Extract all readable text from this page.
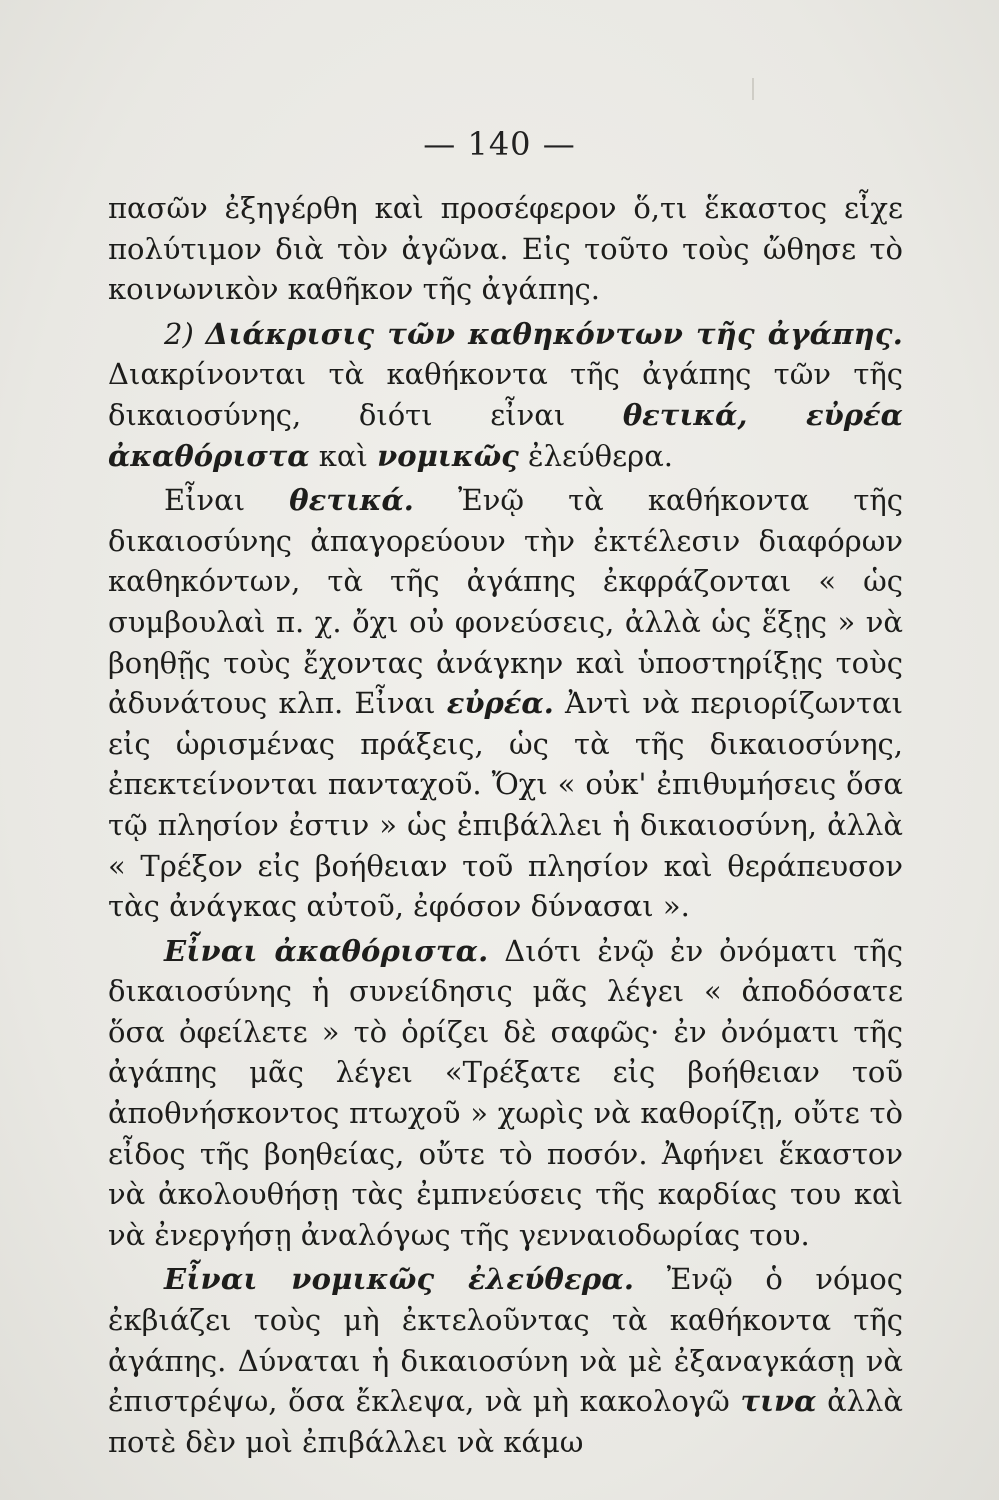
— 140 —

πασῶν ἐξηγέρθη καὶ προσέφερον ὅ,τι ἕκαστος εἶχε πολύτιμον διὰ τὸν ἀγῶνα. Εἰς τοῦτο τοὺς ὤθησε τὸ κοινωνικὸν καθῆκον τῆς ἀγάπης.

2) Διάκρισις τῶν καθηκόντων τῆς ἀγάπης. Διακρίνονται τὰ καθήκοντα τῆς ἀγάπης τῶν τῆς δικαιοσύνης, διότι εἶναι θετικά, εὐρέα ἀκαθόριστα καὶ νομικῶς ἐλεύθερα.

Εἶναι θετικά. Ἐνῷ τὰ καθήκοντα τῆς δικαιοσύνης ἀπαγορεύουν τὴν ἐκτέλεσιν διαφόρων καθηκόντων, τὰ τῆς ἀγάπης ἐκφράζονται « ὡς συμβουλαὶ π. χ. ὄχι οὐ φονεύσεις, ἀλλὰ ὡς ἕξῃς » νὰ βοηθῇς τοὺς ἔχοντας ἀνάγκην καὶ ὑποστηρίξῃς τοὺς ἀδυνάτους κλπ. Εἶναι εὐρέα. Ἀντὶ νὰ περιορίζωνται εἰς ὡρισμένας πράξεις, ὡς τὰ τῆς δικαιοσύνης, ἐπεκτείνονται πανταχοῦ. Ὄχι « οὐκ' ἐπιθυμήσεις ὅσα τῷ πλησίον ἐστιν » ὡς ἐπιβάλλει ἡ δικαιοσύνη, ἀλλὰ « Τρέξον εἰς βοήθειαν τοῦ πλησίον καὶ θεράπευσον τὰς ἀνάγκας αὐτοῦ, ἐφόσον δύνασαι ».

Εἶναι ἀκαθόριστα. Διότι ἐνῷ ἐν ὀνόματι τῆς δικαιοσύνης ἡ συνείδησις μᾶς λέγει « ἀποδόσατε ὅσα ὀφείλετε » τὸ ὁρίζει δὲ σαφῶς· ἐν ὀνόματι τῆς ἀγάπης μᾶς λέγει «Τρέξατε εἰς βοήθειαν τοῦ ἀποθνήσκοντος πτωχοῦ » χωρὶς νὰ καθορίζῃ, οὔτε τὸ εἶδος τῆς βοηθείας, οὔτε τὸ ποσόν. Ἀφήνει ἕκαστον νὰ ἀκολουθήσῃ τὰς ἐμπνεύσεις τῆς καρδίας του καὶ νὰ ἐνεργήσῃ ἀναλόγως τῆς γενναιοδωρίας του.

Εἶναι νομικῶς ἐλεύθερα. Ἐνῷ ὁ νόμος ἐκβιάζει τοὺς μὴ ἐκτελοῦντας τὰ καθήκοντα τῆς ἀγάπης. Δύναται ἡ δικαιοσύνη νὰ μὲ ἐξαναγκάσῃ νὰ ἐπιστρέψω, ὅσα ἔκλεψα, νὰ μὴ κακολογῶ τινα ἀλλὰ ποτὲ δὲν μοὶ ἐπιβάλλει νὰ κάμω
